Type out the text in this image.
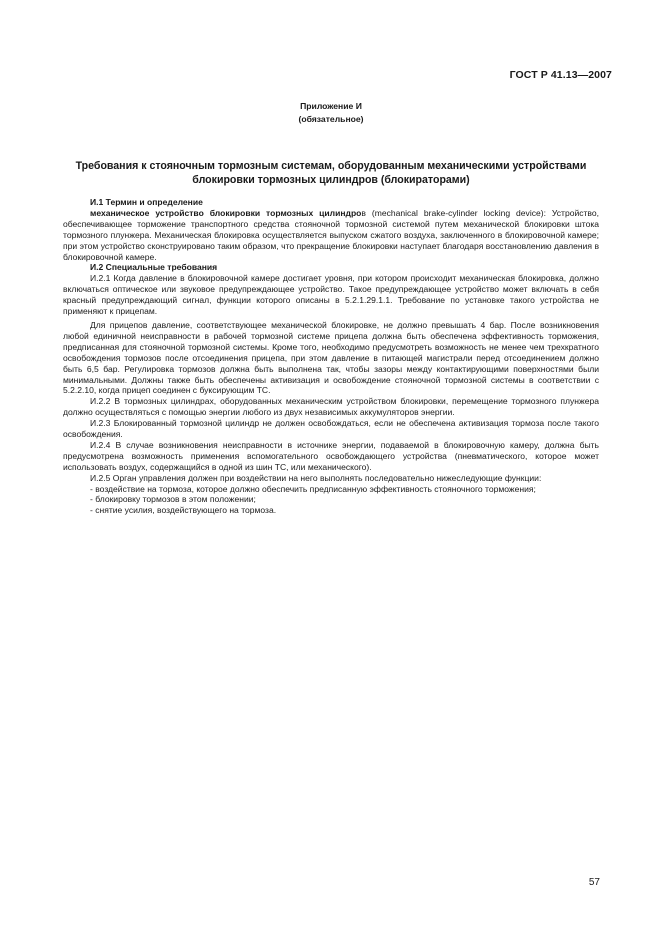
ГОСТ Р 41.13—2007
Приложение И
(обязательное)
Требования к стояночным тормозным системам, оборудованным механическими устройствами
блокировки тормозных цилиндров (блокираторами)

И.1 Термин и определение

механическое устройство блокировки тормозных цилиндров (mechanical brake-cylinder locking device): Устройство, обеспечивающее торможение транспортного средства стояночной тормозной системой путем механической блокировки штока тормозного плунжера. Механическая блокировка осуществляется выпуском сжатого воздуха, заключенного в блокировочной камере; при этом устройство сконструировано таким образом, что прекращение блокировки наступает благодаря восстановлению давления в блокировочной камере.

И.2 Специальные требования

И.2.1 Когда давление в блокировочной камере достигает уровня, при котором происходит механическая блокировка, должно включаться оптическое или звуковое предупреждающее устройство. Такое предупреждающее устройство может включать в себя красный предупреждающий сигнал, функции которого описаны в 5.2.1.29.1.1. Требование по установке такого устройства не применяют к прицепам.

Для прицепов давление, соответствующее механической блокировке, не должно превышать 4 бар. После возникновения любой единичной неисправности в рабочей тормозной системе прицепа должна быть обеспечена эффективность торможения, предписанная для стояночной тормозной системы. Кроме того, необходимо предусмотреть возможность не менее чем трехкратного освобождения тормозов после отсоединения прицепа, при этом давление в питающей магистрали перед отсоединением должно быть 6,5 бар. Регулировка тормозов должна быть выполнена так, чтобы зазоры между контактирующими поверхностями были минимальными. Должны также быть обеспечены активизация и освобождение стояночной тормозной системы в соответствии с 5.2.2.10, когда прицеп соединен с буксирующим ТС.

И.2.2 В тормозных цилиндрах, оборудованных механическим устройством блокировки, перемещение тормозного плунжера должно осуществляться с помощью энергии любого из двух независимых аккумуляторов энергии.

И.2.3 Блокированный тормозной цилиндр не должен освобождаться, если не обеспечена активизация тормоза после такого освобождения.

И.2.4 В случае возникновения неисправности в источнике энергии, подаваемой в блокировочную камеру, должна быть предусмотрена возможность применения вспомогательного освобождающего устройства (пневматического, которое может использовать воздух, содержащийся в одной из шин ТС, или механического).

И.2.5 Орган управления должен при воздействии на него выполнять последовательно нижеследующие функции:

- воздействие на тормоза, которое должно обеспечить предписанную эффективность стояночного торможения;

- блокировку тормозов в этом положении;

- снятие усилия, воздействующего на тормоза.

57
